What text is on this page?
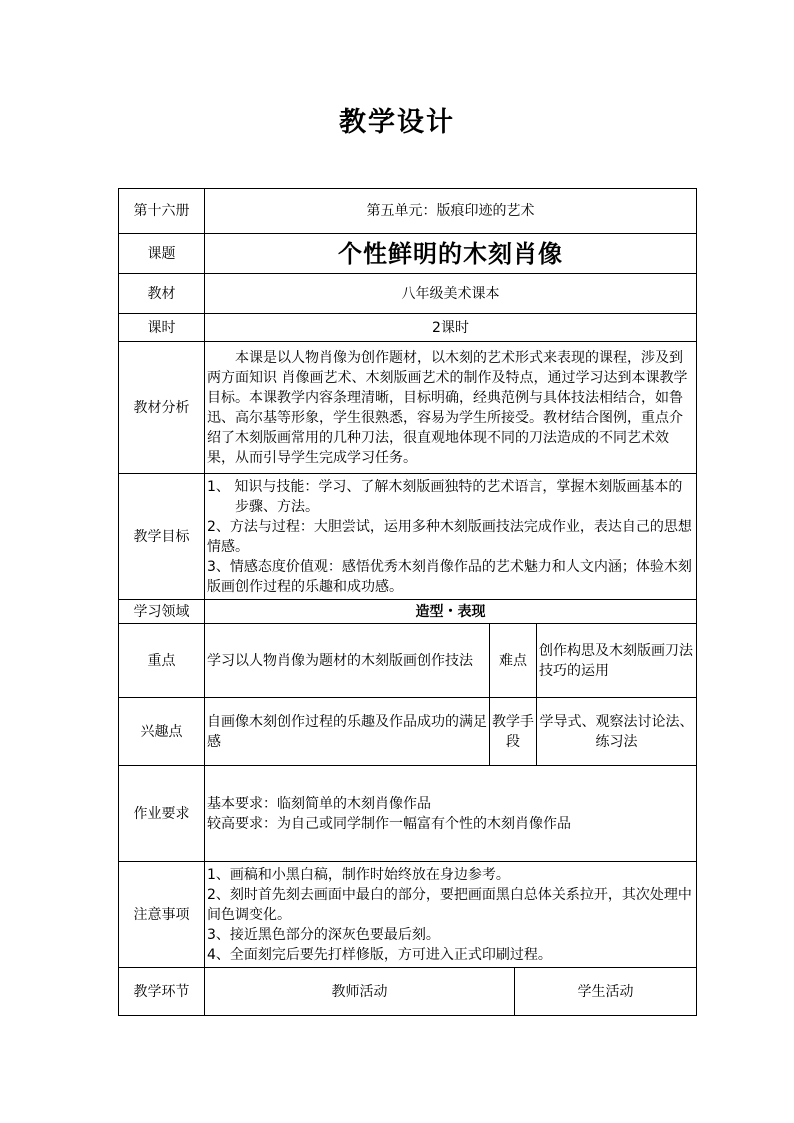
教学设计
第十六册	第五单元：版痕印迹的艺术			
课题	个性鲜明的木刻肖像			
教材	八年级美术课本			
课时	2课时			
教材分析	本课是以人物肖像为创作题材，以木刻的艺术形式来表现的课程，涉及到两方面知识 肖像画艺术、木刻版画艺术的制作及特点，通过学习达到本课教学目标。本课教学内容条理清晰，目标明确，经典范例与具体技法相结合，如鲁迅、高尔基等形象，学生很熟悉，容易为学生所接受。教材结合图例，重点介绍了木刻版画常用的几种刀法，很直观地体现不同的刀法造成的不同艺术效果，从而引导学生完成学习任务。			

教学目标	1、 知识与技能：学习、了解木刻版画独特的艺术语言，掌握木刻版画基本的步骤、方法。
2、方法与过程：大胆尝试，运用多种木刻版画技法完成作业，表达自己的思想情感。
3、情感态度价值观：感悟优秀木刻肖像作品的艺术魅力和人文内涵；体验木刻版画创作过程的乐趣和成功感。			

学习领域	造型・表现			
重点	学习以人物肖像为题材的木刻版画创作技法	难点		创作构思及木刻版画刀法技巧的运用
兴趣点	自画像木刻创作过程的乐趣及作品成功的满足感	教学手段		学导式、观察法讨论法、练习法
作业要求	基本要求：临刻简单的木刻肖像作品
较高要求：为自己或同学制作一幅富有个性的木刻肖像作品			

注意事项	1、画稿和小黑白稿，制作时始终放在身边参考。
2、刻时首先刻去画面中最白的部分，要把画面黑白总体关系拉开，其次处理中间色调变化。
3、接近黑色部分的深灰色要最后刻。
4、全面刻完后要先打样修版，方可进入正式印刷过程。			

教学环节	教师活动		学生活动	
